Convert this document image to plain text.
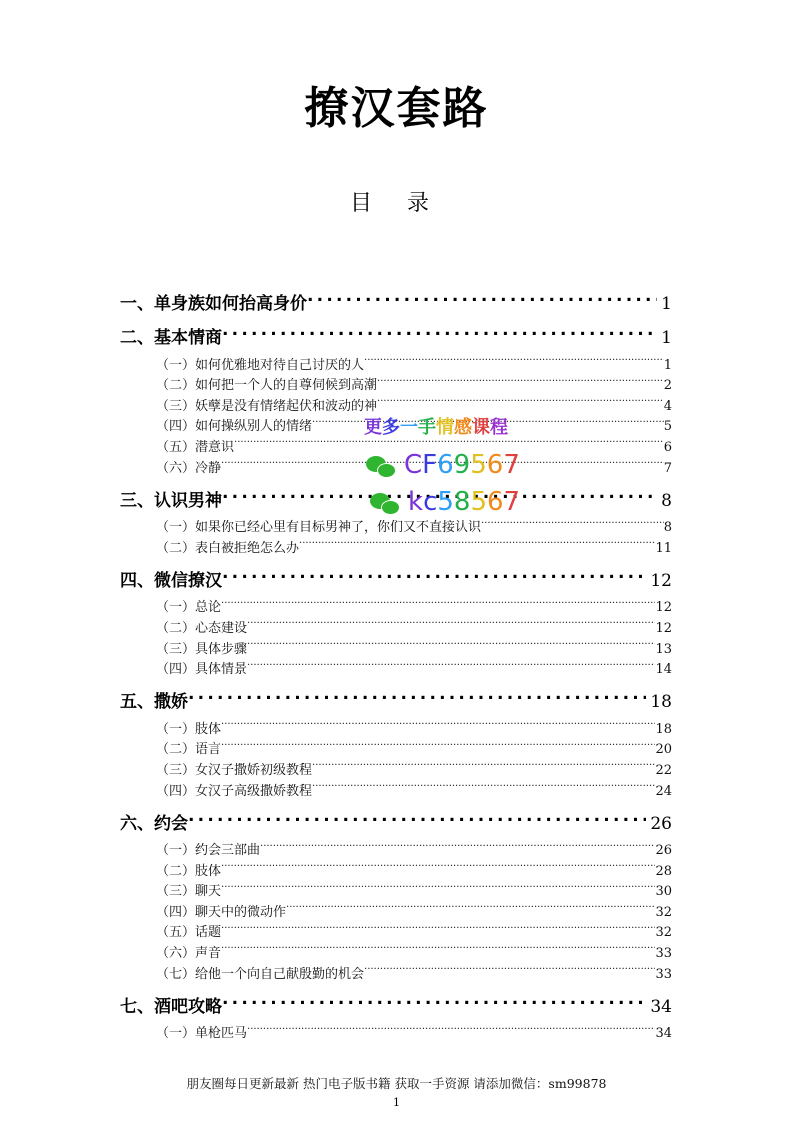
撩汉套路
目 录
一、单身族如何抬高身价 .....	1
二、基本情商 .....	1
（一）如何优雅地对待自己讨厌的人 .....	1
（二）如何把一个人的自尊伺候到高潮 .....	2
（三）妖孽是没有情绪起伏和波动的神 .....	4
（四）如何操纵别人的情绪 .....	5
（五）潜意识 .....	6
（六）冷静 .....	7
三、认识男神 .....	8
（一）如果你已经心里有目标男神了，你们又不直接认识 .....	8
（二）表白被拒绝怎么办 .....	11
四、微信撩汉 .....	12
（一）总论 .....	12
（二）心态建设 .....	12
（三）具体步骤 .....	13
（四）具体情景 .....	14
五、撒娇 .....	18
（一）肢体 .....	18
（二）语言 .....	20
（三）女汉子撒娇初级教程 .....	22
（四）女汉子高级撒娇教程 .....	24
六、约会 .....	26
（一）约会三部曲 .....	26
（二）肢体 .....	28
（三）聊天 .....	30
（四）聊天中的微动作 .....	32
（五）话题 .....	32
（六）声音 .....	33
（七）给他一个向自己献殷勤的机会 .....	33
七、酒吧攻略 .....	34
（一）单枪匹马 .....	34
更多一手情感课程
CF69567
kc58567
朋友圈每日更新最新 热门电子版书籍 获取一手资源 请添加微信：sm99878
1
